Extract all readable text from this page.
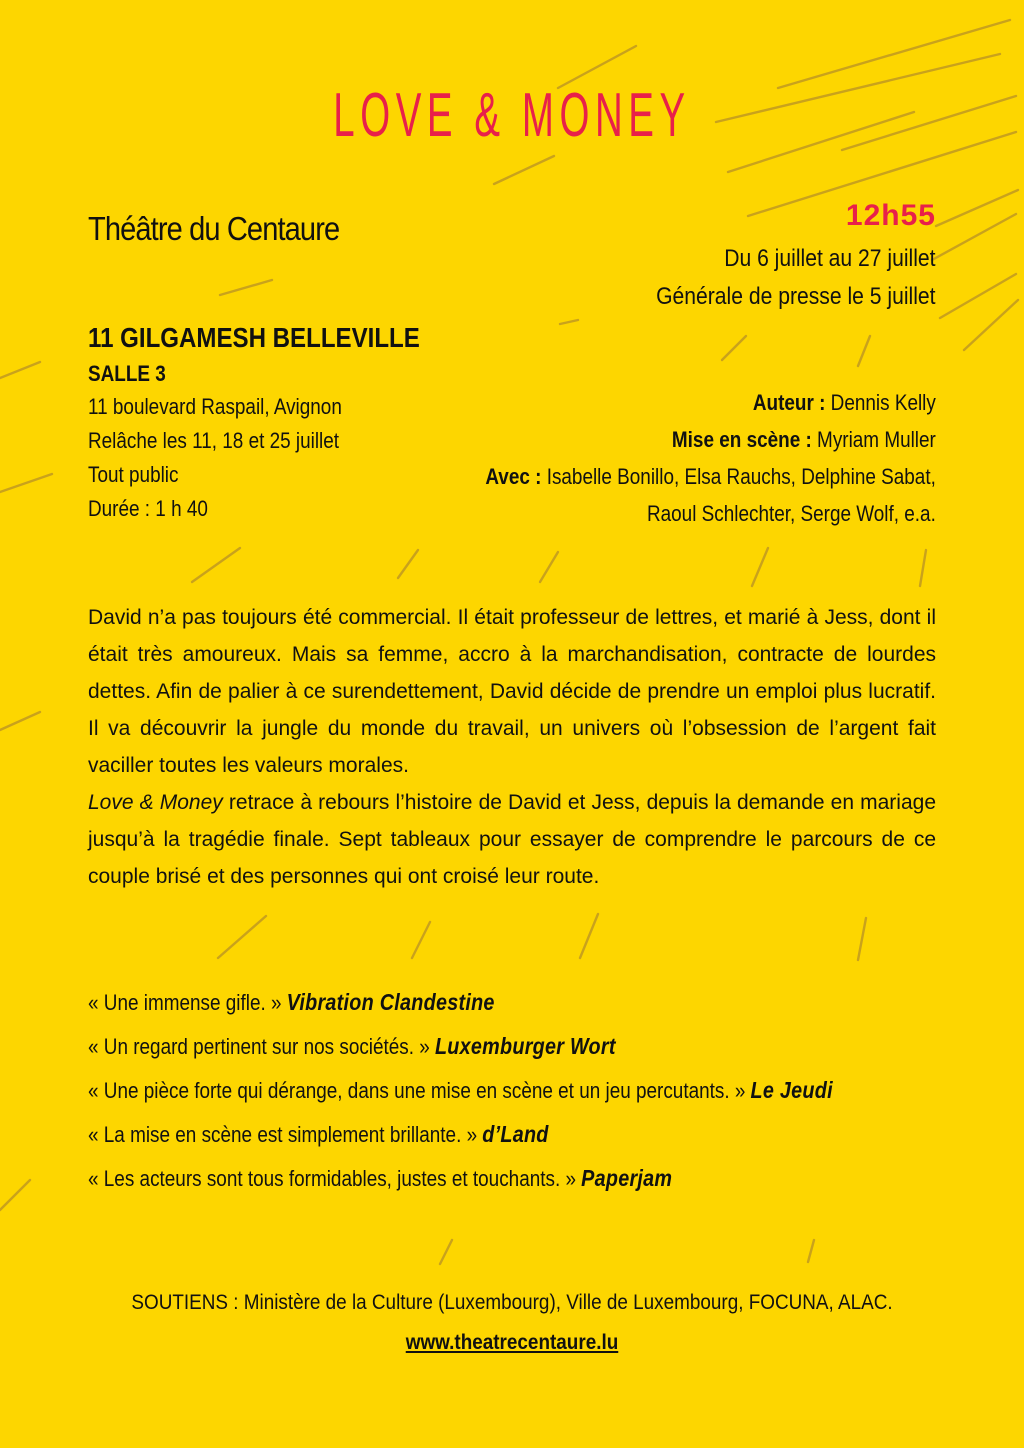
LOVE & MONEY
Théâtre du Centaure	12h55
Du 6 juillet au 27 juillet
Générale de presse le 5 juillet
11 GILGAMESH BELLEVILLE
SALLE 3
11 boulevard Raspail, Avignon
Relâche les 11, 18 et 25 juillet
Tout public
Durée : 1 h 40
Auteur : Dennis Kelly
Mise en scène : Myriam Muller
Avec : Isabelle Bonillo, Elsa Rauchs, Delphine Sabat,
Raoul Schlechter, Serge Wolf, e.a.

David n’a pas toujours été commercial. Il était professeur de lettres, et marié à Jess, dont il était très amoureux. Mais sa femme, accro à la marchandisation, contracte de lourdes dettes. Afin de palier à ce surendettement, David décide de prendre un emploi plus lucratif. Il va découvrir la jungle du monde du travail, un univers où l’obsession de l’argent fait vaciller toutes les valeurs morales.

Love & Money retrace à rebours l’histoire de David et Jess, depuis la demande en mariage jusqu’à la tragédie finale. Sept tableaux pour essayer de comprendre le parcours de ce couple brisé et des personnes qui ont croisé leur route.

« Une immense gifle. » Vibration Clandestine
« Un regard pertinent sur nos sociétés. » Luxemburger Wort
« Une pièce forte qui dérange, dans une mise en scène et un jeu percutants. » Le Jeudi
« La mise en scène est simplement brillante. » d’Land
« Les acteurs sont tous formidables, justes et touchants. » Paperjam
SOUTIENS : Ministère de la Culture (Luxembourg), Ville de Luxembourg, FOCUNA, ALAC.
www.theatrecentaure.lu
